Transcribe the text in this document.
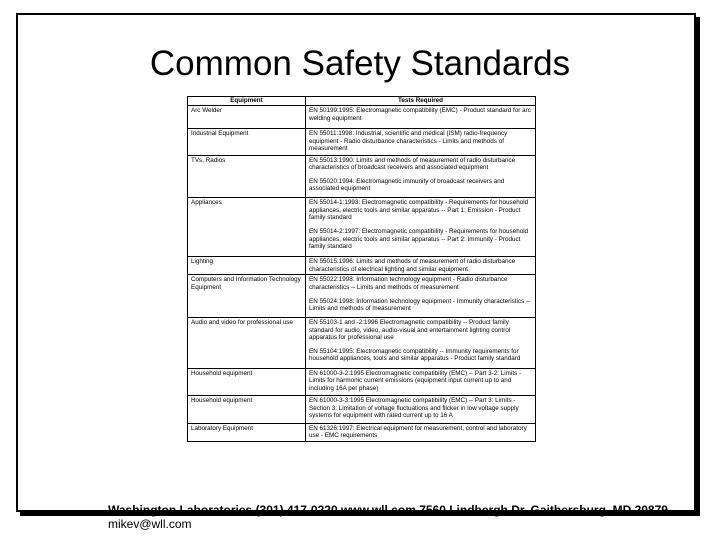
Common Safety Standards
Equipment	Tests Required
Arc Welder	EN 50199:1995: Electromagnetic compatibility (EMC) - Product standard for arc welding equipment

Industrial Equipment	EN 55011:1998: Industrial, scientific and medical (ISM) radio-frequency equipment - Radio disturbance characteristics - Limits and methods of measurement

TVs, Radios	EN 55013:1990: Limits and methods of measurement of radio disturbance characteristics of broadcast receivers and associated equipment
EN 55020:1994: Electromagnetic immunity of broadcast receivers and associated equipment

Appliances	EN 55014-1:1993: Electromagnetic compatibility - Requirements for household appliances, electric tools and similar apparatus -- Part 1: Emission - Product family standard
EN 55014-2:1997: Electromagnetic compatibility - Requirements for household appliances, electric tools and similar apparatus -- Part 2: Immunity - Product family standard

Lighting	EN 55015:1996: Limits and methods of measurement of radio disturbance characteristics of electrical lighting and similar equipment

Computers and Information Technology Equipment	EN 55022:1998: Information technology equipment - Radio disturbance characteristics -- Limits and methods of measurement
EN 55024:1998: Information technology equipment - Immunity characteristics --Limits and methods of measurement

Audio and video for professional use	EN 55103-1 and -2:1996 Electromagnetic compatibility -- Product family standard for audio, video, audio-visual and entertainment lighting control apparatus for professional use
EN 55104:1995: Electromagnetic compatibility -- Immunity requirements for household appliances, tools and similar apparatus - Product family standard

Household equipment	EN 61000-3-2:1995 Electromagnetic compatibility (EMC) -- Part 3-2: Limits - Limits for harmonic current emissions (equipment input current up to and including 16A per phase)

Household equipment	EN 61000-3-3:1995 Electromagnetic compatibility (EMC) -- Part 3: Limits - Section 3: Limitation of voltage fluctuations and flicker in low voltage supply systems for equipment with rated current up to 16 A

Laboratory Equipment	EN 61326:1997: Electrical equipment for measurement, control and laboratory use - EMC requirements
Washington Laboratories (301) 417-0220 www.wll.com 7560 Lindbergh Dr. Gaithersburg, MD 20879
mikev@wll.com
